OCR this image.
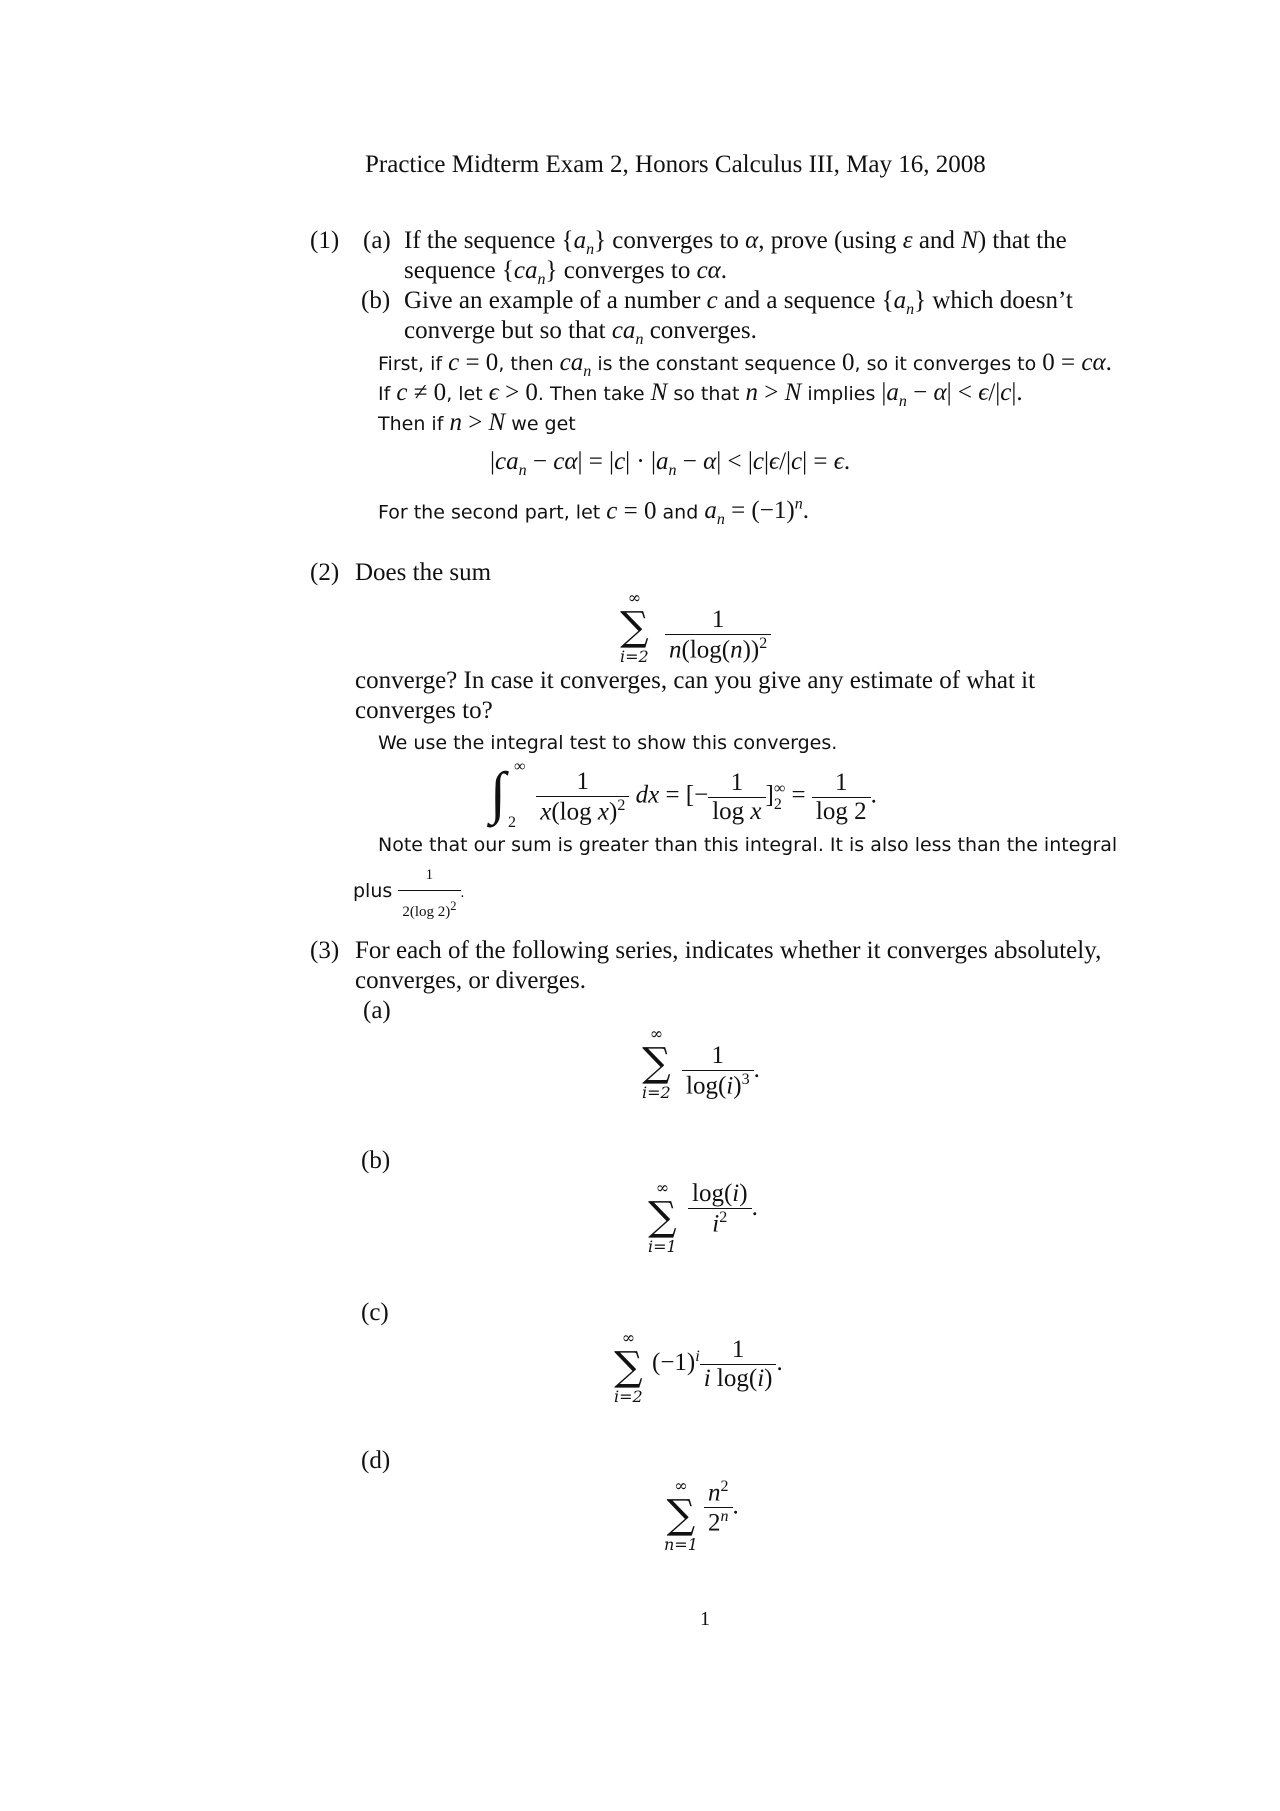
Practice Midterm Exam 2, Honors Calculus III, May 16, 2008
(1) (a) If the sequence $\{a_n\}$ converges to α, prove (using ε and N) that the
sequence $\{ca_n\}$ converges to cα.
(b) Give an example of a number c and a sequence $\{a_n\}$ which doesn’t
converge but so that $ca_n$ converges.
First, if c = 0, then $ca_n$ is the constant sequence 0, so it converges to 0 = cα.
If c ≠ 0, let ϵ > 0. Then take N so that n > N implies $|a_n - \alpha| < \epsilon/|c|$.
Then if n > N we get
$|ca_n - c\alpha| = |c| \cdot |a_n - \alpha| < |c|\epsilon/|c| = \epsilon$.
For the second part, let c = 0 and $a_n = (-1)^n$.
(2) Does the sum
∞
∑
$i=2 \frac{1}{n(\log(n))^2}$
converge? In case it converges, can you give any estimate of what it
converges to?
We use the integral test to show this converges.
∫ ∞
2
$\frac{1}{x(\log x)^2}$ dx = [− $\frac{1}{\text{log x}}$ ]∞
$2 = \frac{1}{\log 2}$ .
Note that our sum is greater than this integral. It is also less than the integral
plus $\frac{1}{2(\log 2)^2}$ .
(3) For each of the following series, indicates whether it converges absolutely,
converges, or diverges.
(a)
∞
∑
$i=2 \frac{1}{\log(i)^3}$ .
(b)
∞
∑
i=1
$\frac{\log(i)}{i^2}$ .
(c)
∞
∑
i=2
$(-1)^i \frac{1}{\text{i log(i)}}$ .
(d)
∞
∑
n=1
$\frac{n^2}{2^n}$ .
1
